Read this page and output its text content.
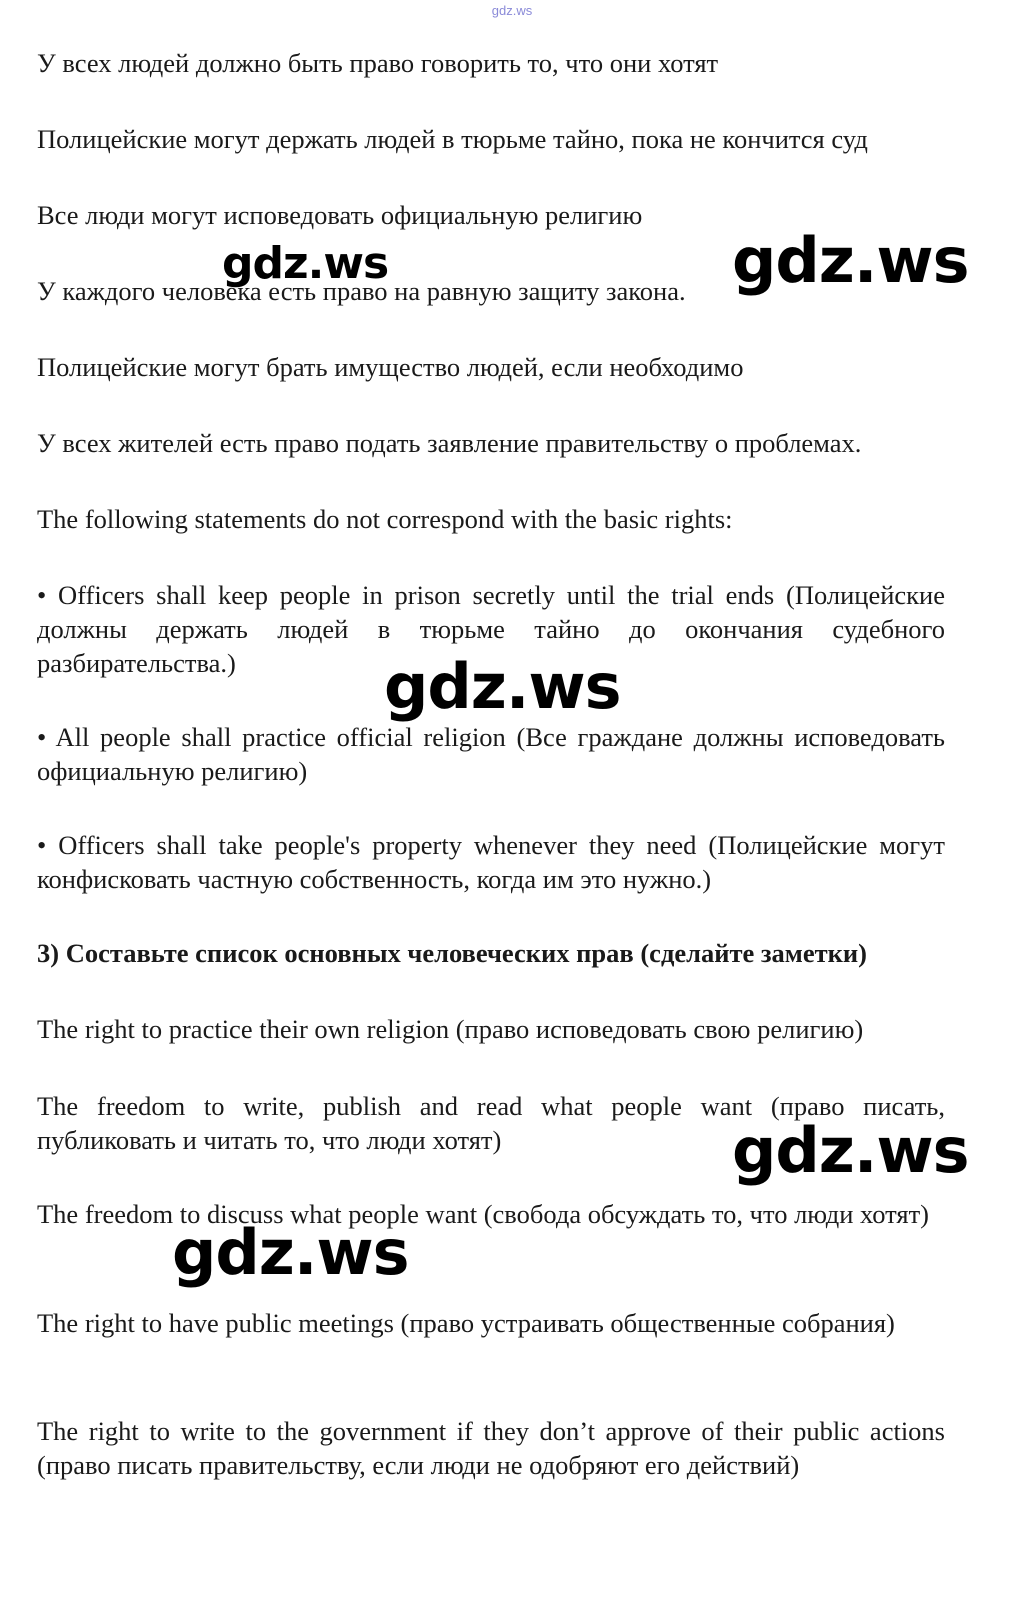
gdz.ws
У всех людей должно быть право говорить то, что они хотят
Полицейские могут держать людей в тюрьме тайно, пока не кончится суд
Все люди могут исповедовать официальную религию
У каждого человека есть право на равную защиту закона.
Полицейские могут брать имущество людей, если необходимо
У всех жителей есть право подать заявление правительству о проблемах.
The following statements do not correspond with the basic rights:
• Officers shall keep people in prison secretly until the trial ends (Полицейские должны держать людей в тюрьме тайно до окончания судебного разбирательства.)
• All people shall practice official religion (Все граждане должны исповедовать официальную религию)
• Officers shall take people's property whenever they need (Полицейские могут конфисковать частную собственность, когда им это нужно.)
3) Составьте список основных человеческих прав (сделайте заметки)
The right to practice their own religion (право исповедовать свою религию)
The freedom to write, publish and read what people want (право писать, публиковать и читать то, что люди хотят)
The freedom to discuss what people want (свобода обсуждать то, что люди хотят)
The right to have public meetings (право устраивать общественные собрания)
The right to write to the government if they don’t approve of their public actions (право писать правительству, если люди не одобряют его действий)
gdz.ws	gdz.ws
gdz.ws
gdz.ws
gdz.ws
